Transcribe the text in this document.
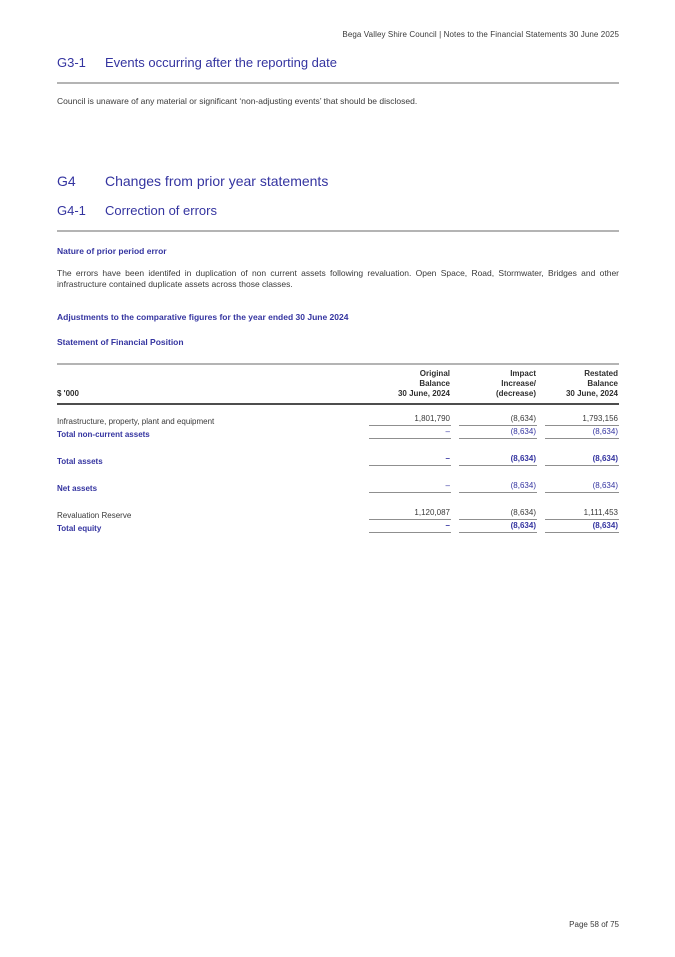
Bega Valley Shire Council | Notes to the Financial Statements 30 June 2025
G3-1	Events occurring after the reporting date

Council is unaware of any material or significant ‘non-adjusting events’ that should be disclosed.

G4	Changes from prior year statements
G4-1	Correction of errors

Nature of prior period error

The errors have been identifed in duplication of non current assets following revaluation. Open Space, Road, Stormwater, Bridges and other infrastructure contained duplicate assets across those classes.

Adjustments to the comparative figures for the year ended 30 June 2024

Statement of Financial Position

$ '000	
Original
Balance
30 June, 2024

Impact
Increase/
(decrease)

Restated
Balance
30 June, 2024

Infrastructure, property, plant and equipment	1,801,790	(8,634)	1,793,156

Total non-current assets	–	(8,634)	(8,634)

Total assets	–	(8,634)	(8,634)

Net assets	–	(8,634)	(8,634)

Revaluation Reserve	1,120,087	(8,634)	1,111,453

Total equity	–	(8,634)	(8,634)
Page 58 of 75
